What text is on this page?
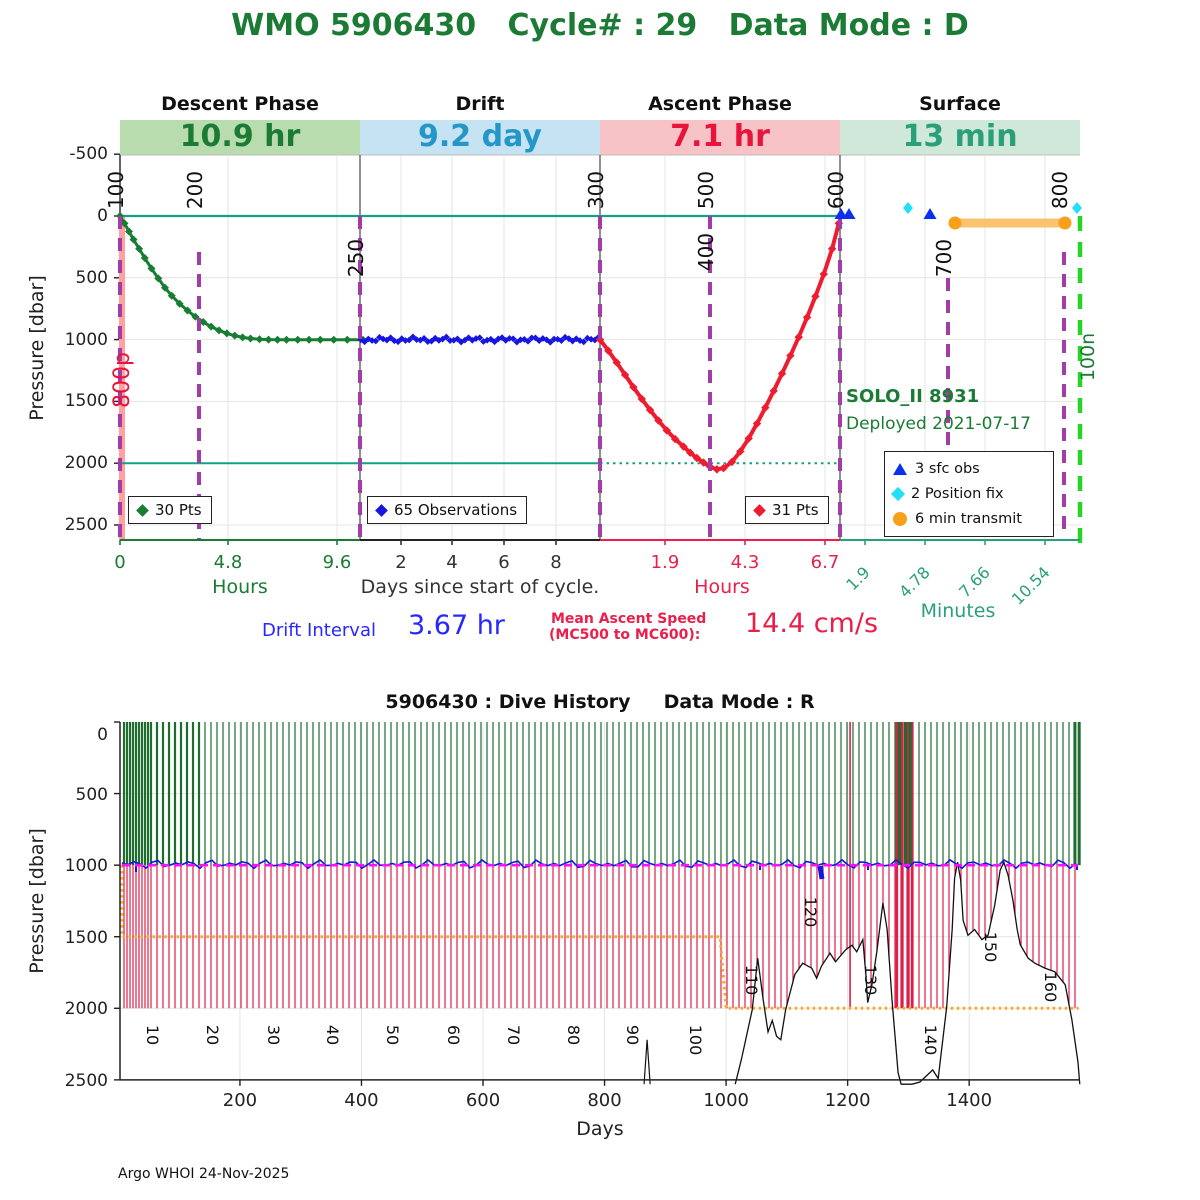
WMO 5906430   Cycle# : 29   Data Mode : D
Descent Phase
10.9 hr
Drift
9.2 day
Ascent Phase
7.1 hr
Surface
13 min
-500
0
500
1000
1500
2000
2500
100	200
250
300	500
400
600
700
800
100n
800p
0	4.8	9.6
Hours
2	4	6	8
Days since start of cycle.
1.9	4.3	6.7
Hours	1.9	4.78	7.66 10.54
Minutes
0
500
1000
1500
2000
2500
200	400	600	800	1000	1200	1400
Days
10	20	30	40	50	60	70	80	90	100
110
120
130
140
150
160
Pressure [dbar]
Pressure [dbar]
30 Pts	65 Observations	31 Pts
3 sfc obs
2 Position fix
6 min transmit
SOLO_II 8931
Deployed 2021-07-17
Drift Interval 3.67 hr	Mean Ascent Speed
(MC500 to MC600): 14.4 cm/s
5906430 : Dive History     Data Mode : R
Argo WHOI 24-Nov-2025
